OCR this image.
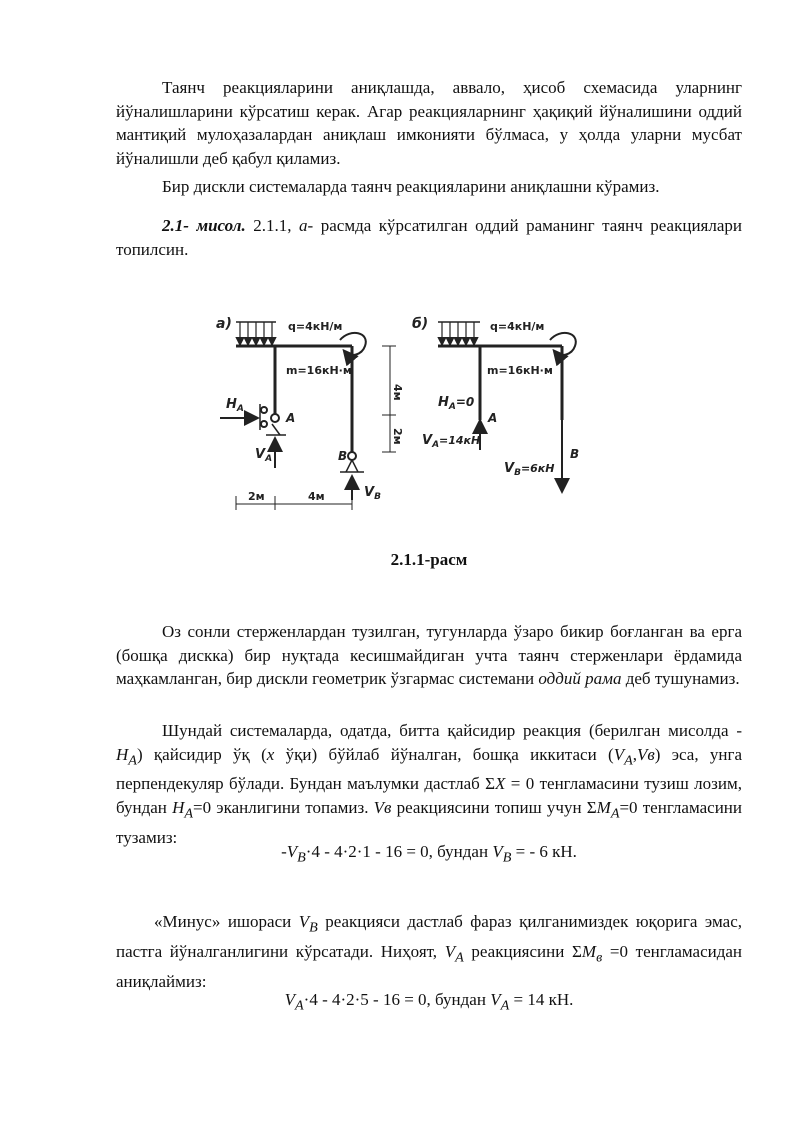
Таянч реакцияларини аниқлашда, аввало, ҳисоб схемасида уларнинг йўналишларини кўрсатиш керак. Агар реакцияларнинг ҳақиқий йўналишини оддий мантиқий мулоҳазалардан аниқлаш имконияти бўлмаса, у ҳолда уларни мусбат йўналишли деб қабул қиламиз.

Бир дискли системаларда таянч реакцияларини аниқлашни кўрамиз.

2.1- мисол. 2.1.1, а- расмда кўрсатилган оддий раманинг таянч реакциялари топилсин.

а)	q=4кН/м
m=16кН·м
$H_A$
A
$V_A$	B
$V_B$
4м
2м
2м	4м
б)	q=4кН/м
m=16кН·м
$H_A=0$
A
$V_A^{=14кН}$
B
$V_B^{=6кН}$
2.1.1-расм

Оз сонли стерженлардан тузилган, тугунларда ўзаро бикир боғланган ва ерга (бошқа дискка) бир нуқтада кесишмайдиган учта таянч стерженлари ёрдамида маҳкамланган, бир дискли геометрик ўзгармас системани оддий рама деб тушунамиз.

Шундай системаларда, одатда, битта қайсидир реакция (берилган мисолда - $H_A$) қайсидир ўқ (x ўқи) бўйлаб йўналган, бошқа иккитаси $(V_A,Vв)$ эса, унга перпендекуляр бўлади. Бундан маълумки дастлаб ΣX = 0 тенгламасини тузиш лозим, бундан $H_A=0$ эканлигини топамиз. Vв реакциясини топиш учун $\Sigma M_A=0$ тенгламасини тузамиз:

$-V_B\cdot 4 - 4\cdot 2\cdot 1 - 16 = 0$, бундан $V_B$ = - 6 кН.

«Минус» ишораси $V_B$ реакцияси дастлаб фараз қилганимиздек юқорига эмас, пастга йўналганлигини кўрсатади. Ниҳоят, $V_A$ реакциясини $\Sigma M_в =0$ тенгламасидан аниқлаймиз:

$V_A\cdot 4 - 4\cdot 2\cdot 5 - 16 = 0$, бундан $V_A = 14$ кН.
